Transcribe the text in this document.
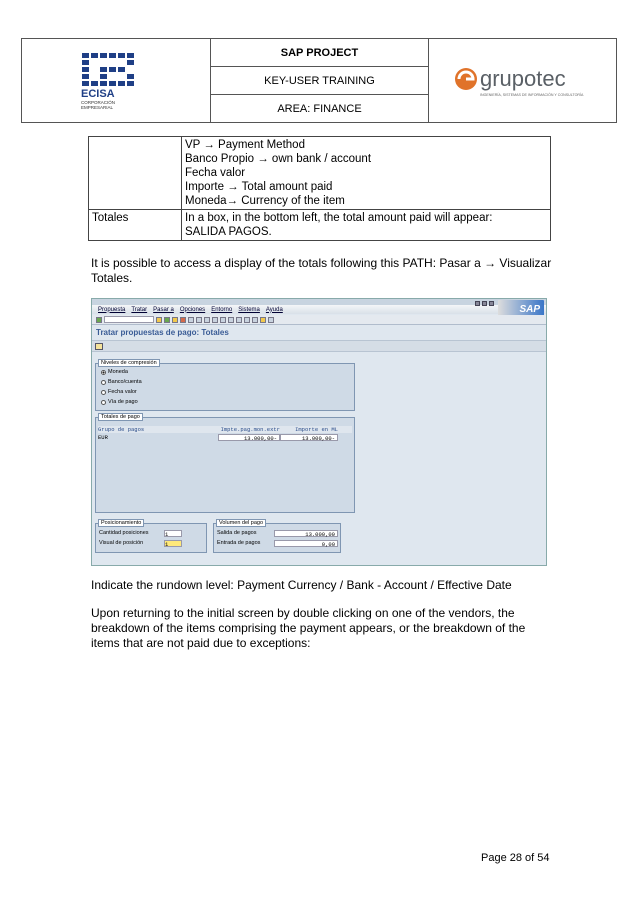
ECISA
CORPORACIÓN
EMPRESARIAL
SAP PROJECT
KEY-USER TRAINING
AREA: FINANCE
grupotec
INGENIERÍA, SISTEMAS DE INFORMACIÓN Y CONSULTORÍA

	VP → Payment Method
Banco Propio → own bank / account
Fecha valor
Importe → Total amount paid
Moneda→ Currency of the item

Totales	In a box, in the bottom left, the total amount paid will appear:
SALIDA PAGOS.
It is possible to access a display of the totals following this PATH: Pasar a → Visualizar
Totales.
Propuesta Tratar Pasar a Opciones Entorno Sistema Ayuda	SAP
Tratar propuestas de pago: Totales
Niveles de compresión
Moneda
Banco/cuenta
Fecha valor
Vía de pago
Totales de pago
Grupo de pagos	Impte.pag.mon.extr	Importe en ML
EUR	13.000,00-	13.000,00-
Posicionamiento
Cantidad posiciones	1
Visual de posición	1
Volumen del pago
Salida de pagos	13.000,00
Entrada de pagos	0,00
Indicate the rundown level: Payment Currency / Bank - Account / Effective Date
Upon returning to the initial screen by double clicking on one of the vendors, the
breakdown of the items comprising the payment appears, or the breakdown of the
items that are not paid due to exceptions:
Page 28 of 54
